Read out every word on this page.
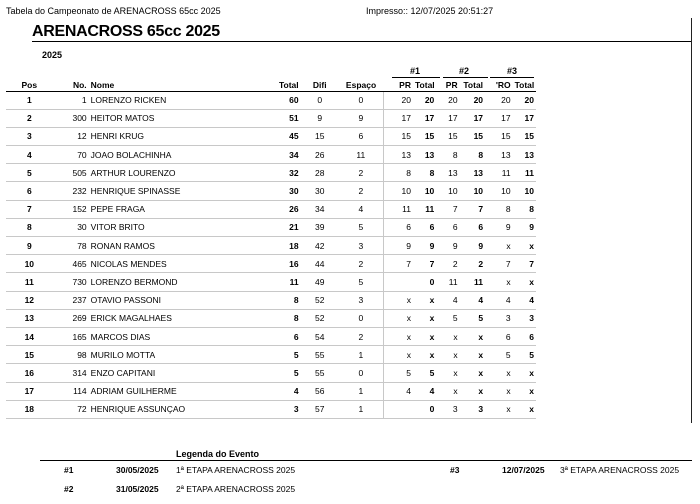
Tabela do Campeonato de ARENACROSS 65cc 2025	Impresso:: 12/07/2025 20:51:27
ARENACROSS 65cc 2025
2025
#1	#2	#3
Pos	No.	Nome	Total	Difi	Espaço	PR	Total	PR	Total	'RO	Total
1	1	LORENZO RICKEN	60	0	0	20	20	20	20	20	20
2	300	HEITOR MATOS	51	9	9	17	17	17	17	17	17
3	12	HENRI KRUG	45	15	6	15	15	15	15	15	15
4	70	JOAO BOLACHINHA	34	26	11	13	13	8	8	13	13
5	505	ARTHUR LOURENZO	32	28	2	8	8	13	13	11	11
6	232	HENRIQUE SPINASSE	30	30	2	10	10	10	10	10	10
7	152	PEPE FRAGA	26	34	4	11	11	7	7	8	8
8	30	VITOR BRITO	21	39	5	6	6	6	6	9	9
9	78	RONAN RAMOS	18	42	3	9	9	9	9	x	x
10	465	NICOLAS MENDES	16	44	2	7	7	2	2	7	7
11	730	LORENZO BERMOND	11	49	5		0	11	11	x	x
12	237	OTAVIO PASSONI	8	52	3	x	x	4	4	4	4
13	269	ERICK MAGALHAES	8	52	0	x	x	5	5	3	3
14	165	MARCOS DIAS	6	54	2	x	x	x	x	6	6
15	98	MURILO MOTTA	5	55	1	x	x	x	x	5	5
16	314	ENZO CAPITANI	5	55	0	5	5	x	x	x	x
17	114	ADRIAM GUILHERME	4	56	1	4	4	x	x	x	x
18	72	HENRIQUE ASSUNÇAO	3	57	1		0	3	3	x	x
Legenda do Evento
#1	30/05/2025 1ª ETAPA ARENACROSS 2025
#2	31/05/2025 2ª ETAPA ARENACROSS 2025
#3	12/07/2025 3ª ETAPA ARENACROSS 2025
